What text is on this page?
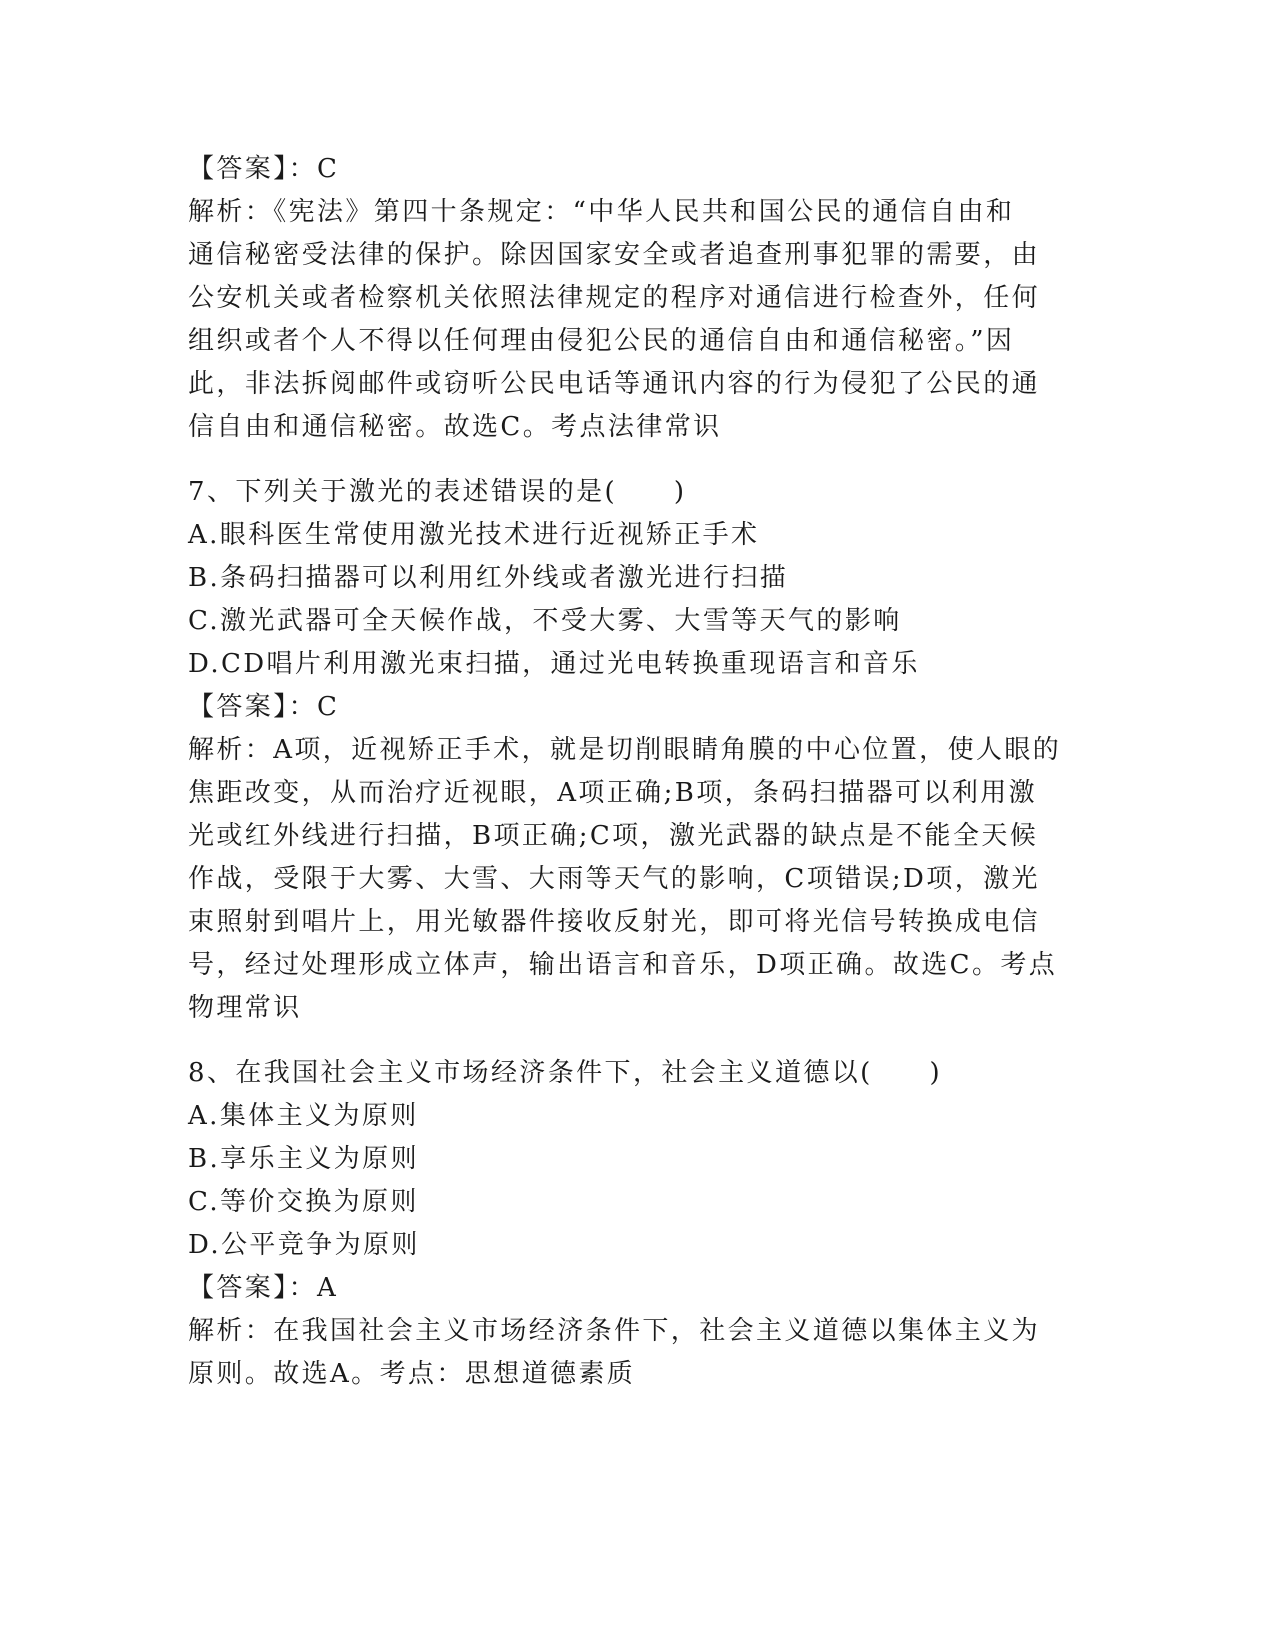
【答案】：C
解析：《宪法》第四十条规定：“中华人民共和国公民的通信自由和
通信秘密受法律的保护。除因国家安全或者追查刑事犯罪的需要，由
公安机关或者检察机关依照法律规定的程序对通信进行检查外，任何
组织或者个人不得以任何理由侵犯公民的通信自由和通信秘密。”因
此，非法拆阅邮件或窃听公民电话等通讯内容的行为侵犯了公民的通
信自由和通信秘密。故选C。考点法律常识
7、下列关于激光的表述错误的是(　　)
A.眼科医生常使用激光技术进行近视矫正手术
B.条码扫描器可以利用红外线或者激光进行扫描
C.激光武器可全天候作战，不受大雾、大雪等天气的影响
D.CD唱片利用激光束扫描，通过光电转换重现语言和音乐
【答案】：C
解析：A项，近视矫正手术，就是切削眼睛角膜的中心位置，使人眼的
焦距改变，从而治疗近视眼，A项正确;B项，条码扫描器可以利用激
光或红外线进行扫描，B项正确;C项，激光武器的缺点是不能全天候
作战，受限于大雾、大雪、大雨等天气的影响，C项错误;D项，激光
束照射到唱片上，用光敏器件接收反射光，即可将光信号转换成电信
号，经过处理形成立体声，输出语言和音乐，D项正确。故选C。考点
物理常识
8、在我国社会主义市场经济条件下，社会主义道德以(　　)
A.集体主义为原则
B.享乐主义为原则
C.等价交换为原则
D.公平竞争为原则
【答案】：A
解析：在我国社会主义市场经济条件下，社会主义道德以集体主义为
原则。故选A。考点：思想道德素质
